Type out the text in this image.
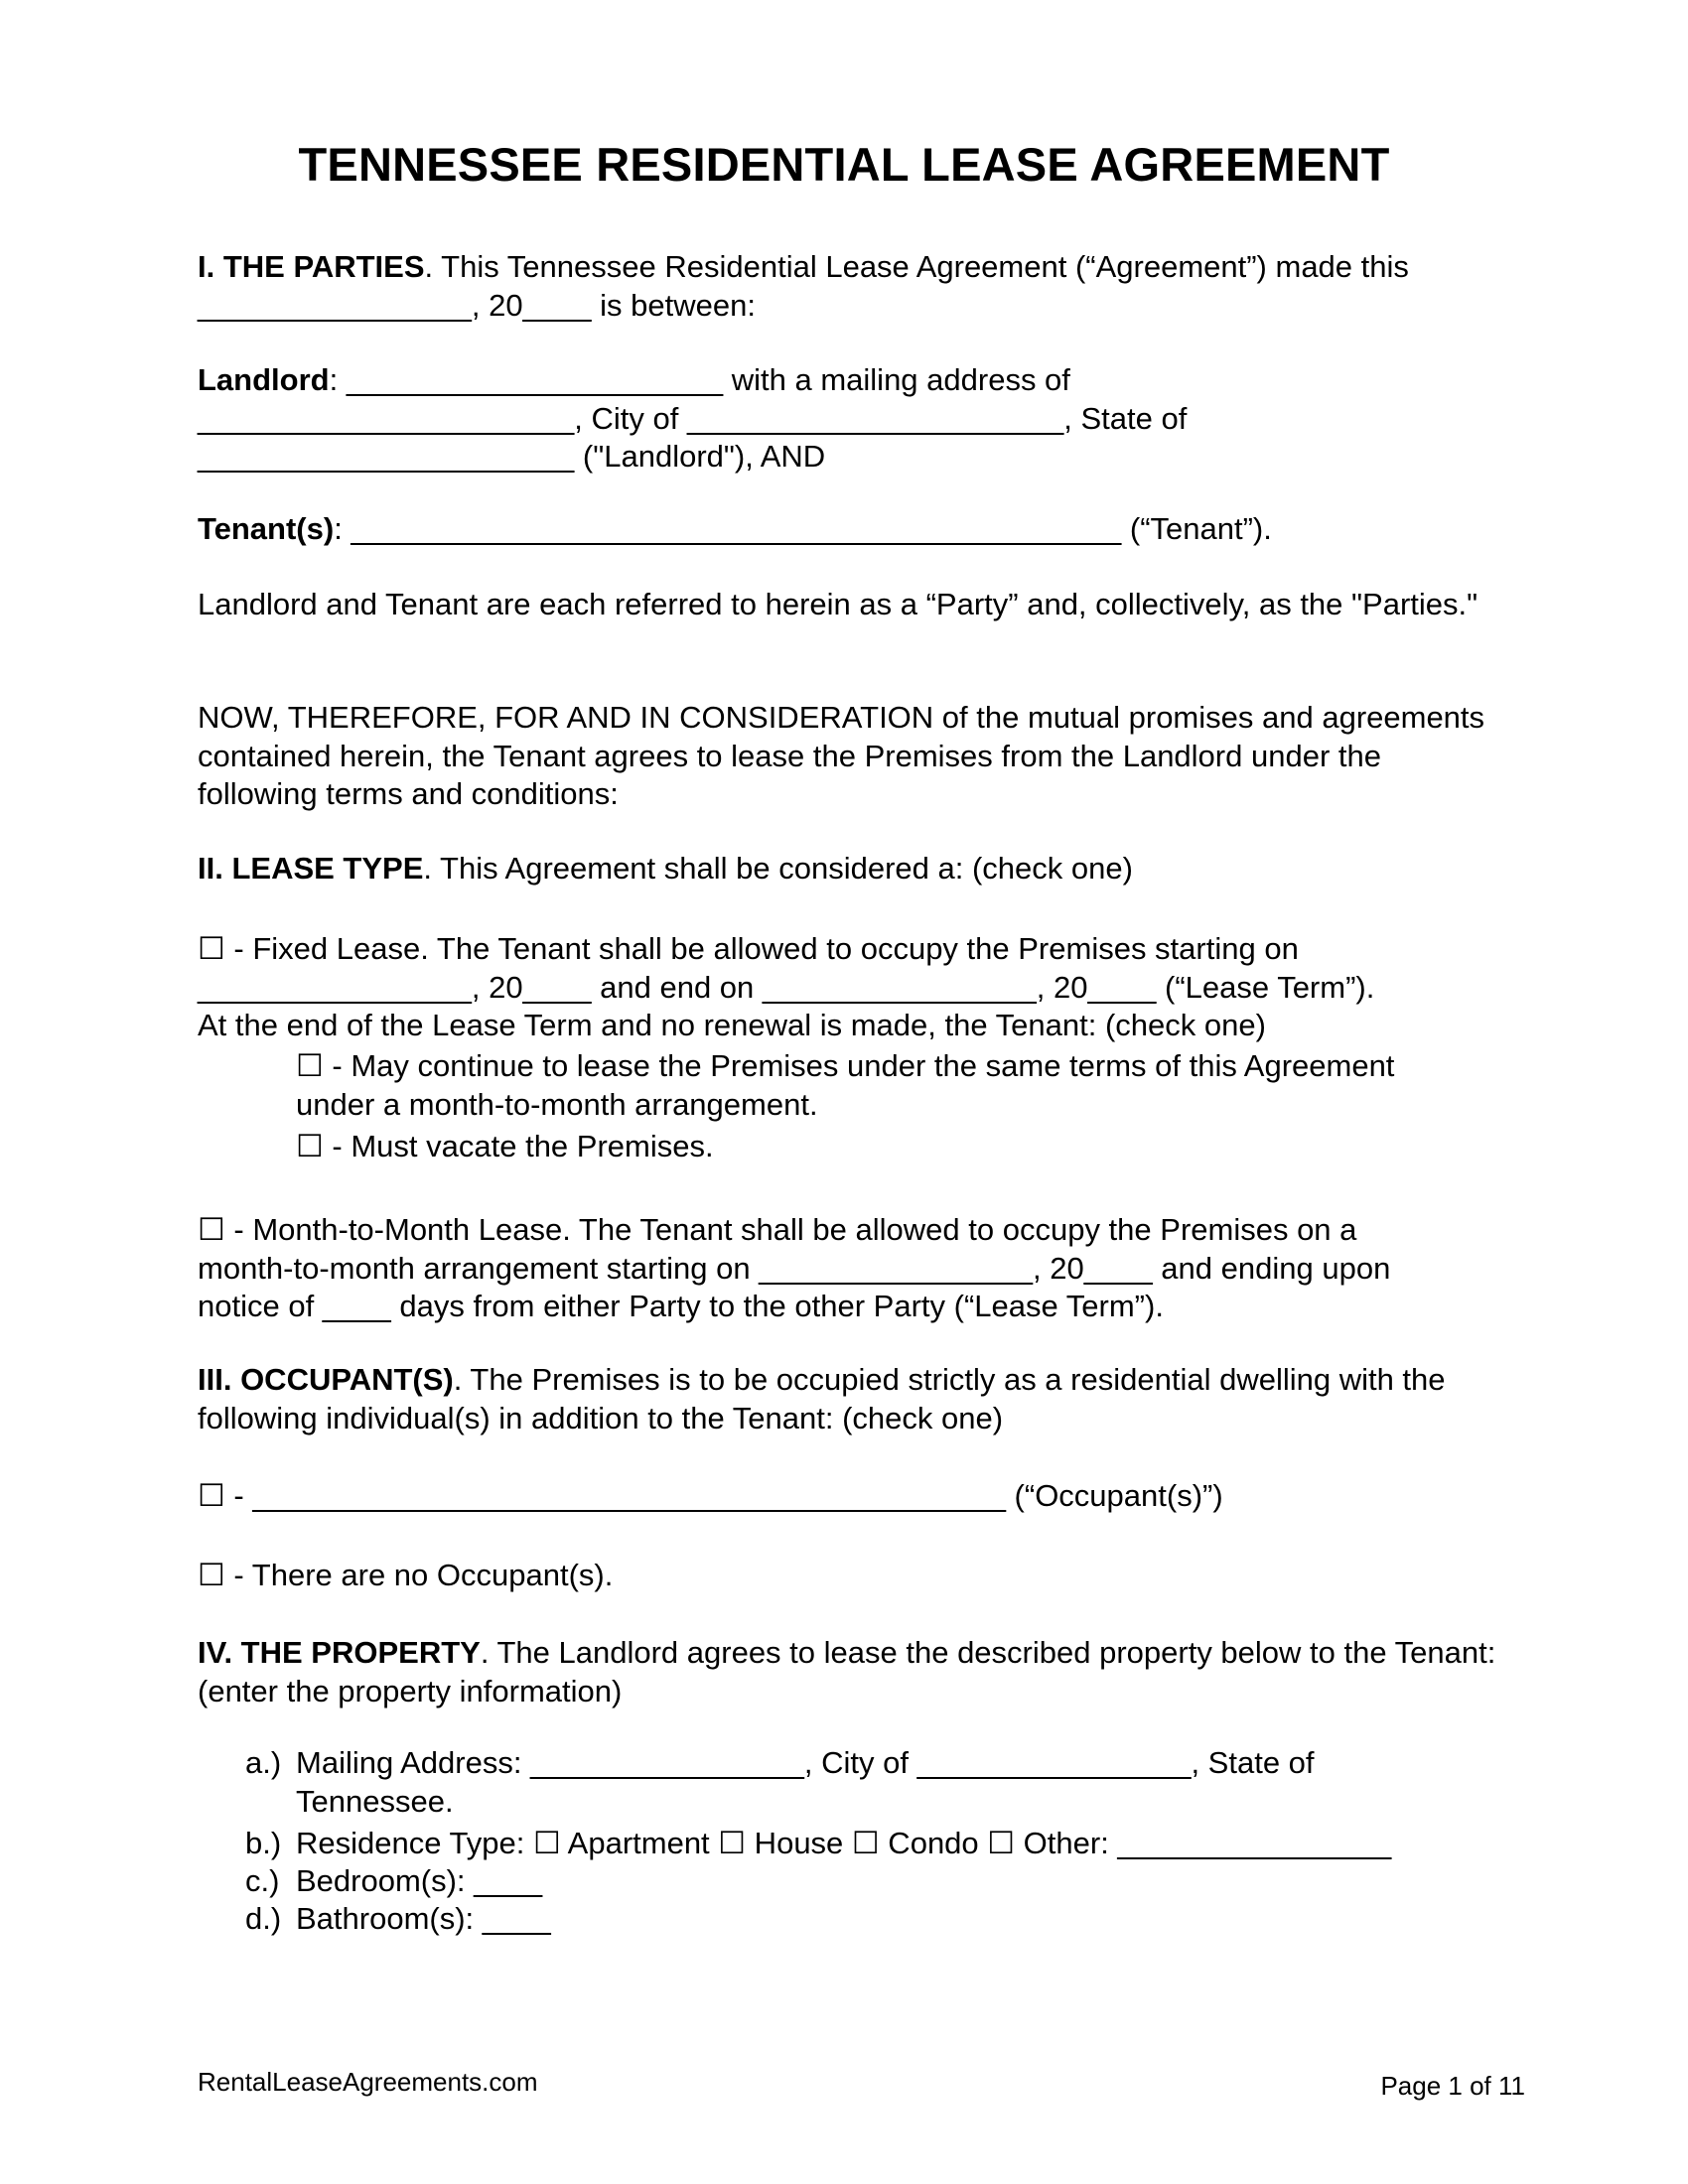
TENNESSEE RESIDENTIAL LEASE AGREEMENT
I. THE PARTIES. This Tennessee Residential Lease Agreement (“Agreement”) made this ________________, 20____ is between:
Landlord: ______________________ with a mailing address of
______________________, City of ______________________, State of
______________________ ("Landlord"), AND
Tenant(s): _____________________________________________ (“Tenant”).
Landlord and Tenant are each referred to herein as a “Party” and, collectively, as the "Parties."
NOW, THEREFORE, FOR AND IN CONSIDERATION of the mutual promises and agreements contained herein, the Tenant agrees to lease the Premises from the Landlord under the following terms and conditions:
II. LEASE TYPE. This Agreement shall be considered a: (check one)
☐ - Fixed Lease. The Tenant shall be allowed to occupy the Premises starting on
________________, 20____ and end on ________________, 20____ (“Lease Term”).
At the end of the Lease Term and no renewal is made, the Tenant: (check one)
☐ - May continue to lease the Premises under the same terms of this Agreement
under a month-to-month arrangement.
☐ - Must vacate the Premises.
☐ - Month-to-Month Lease. The Tenant shall be allowed to occupy the Premises on a
month-to-month arrangement starting on ________________, 20____ and ending upon
notice of ____ days from either Party to the other Party (“Lease Term”).
III. OCCUPANT(S). The Premises is to be occupied strictly as a residential dwelling with the following individual(s) in addition to the Tenant: (check one)
☐ - ____________________________________________ (“Occupant(s)”)
☐ - There are no Occupant(s).
IV. THE PROPERTY. The Landlord agrees to lease the described property below to the Tenant: (enter the property information)
a.) Mailing Address: ________________, City of ________________, State of
Tennessee.
b.) Residence Type: ☐ Apartment ☐ House ☐ Condo ☐ Other: ________________
c.) Bedroom(s): ____
d.) Bathroom(s): ____
RentalLeaseAgreements.com	Page 1 of 11
